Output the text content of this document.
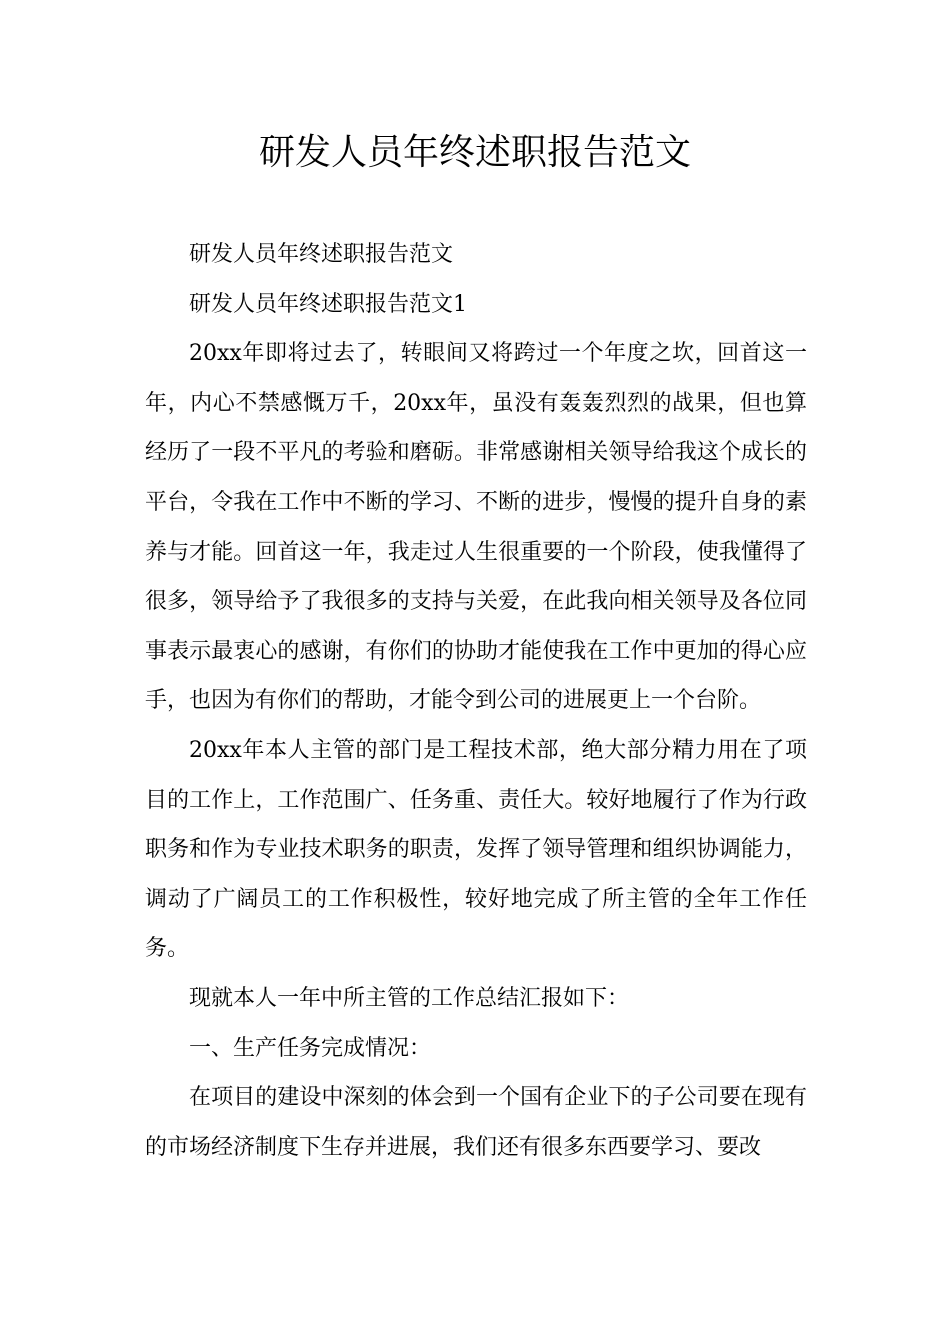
研发人员年终述职报告范文

研发人员年终述职报告范文

研发人员年终述职报告范文1

20xx年即将过去了，转眼间又将跨过一个年度之坎，回首这一年，内心不禁感慨万千，20xx年，虽没有轰轰烈烈的战果，但也算经历了一段不平凡的考验和磨砺。非常感谢相关领导给我这个成长的平台，令我在工作中不断的学习、不断的进步，慢慢的提升自身的素养与才能。回首这一年，我走过人生很重要的一个阶段，使我懂得了很多，领导给予了我很多的支持与关爱，在此我向相关领导及各位同事表示最衷心的感谢，有你们的协助才能使我在工作中更加的得心应手，也因为有你们的帮助，才能令到公司的进展更上一个台阶。

20xx年本人主管的部门是工程技术部，绝大部分精力用在了项目的工作上，工作范围广、任务重、责任大。较好地履行了作为行政职务和作为专业技术职务的职责，发挥了领导管理和组织协调能力，调动了广阔员工的工作积极性，较好地完成了所主管的全年工作任务。

现就本人一年中所主管的工作总结汇报如下：

一、生产任务完成情况：

在项目的建设中深刻的体会到一个国有企业下的子公司要在现有的市场经济制度下生存并进展，我们还有很多东西要学习、要改
